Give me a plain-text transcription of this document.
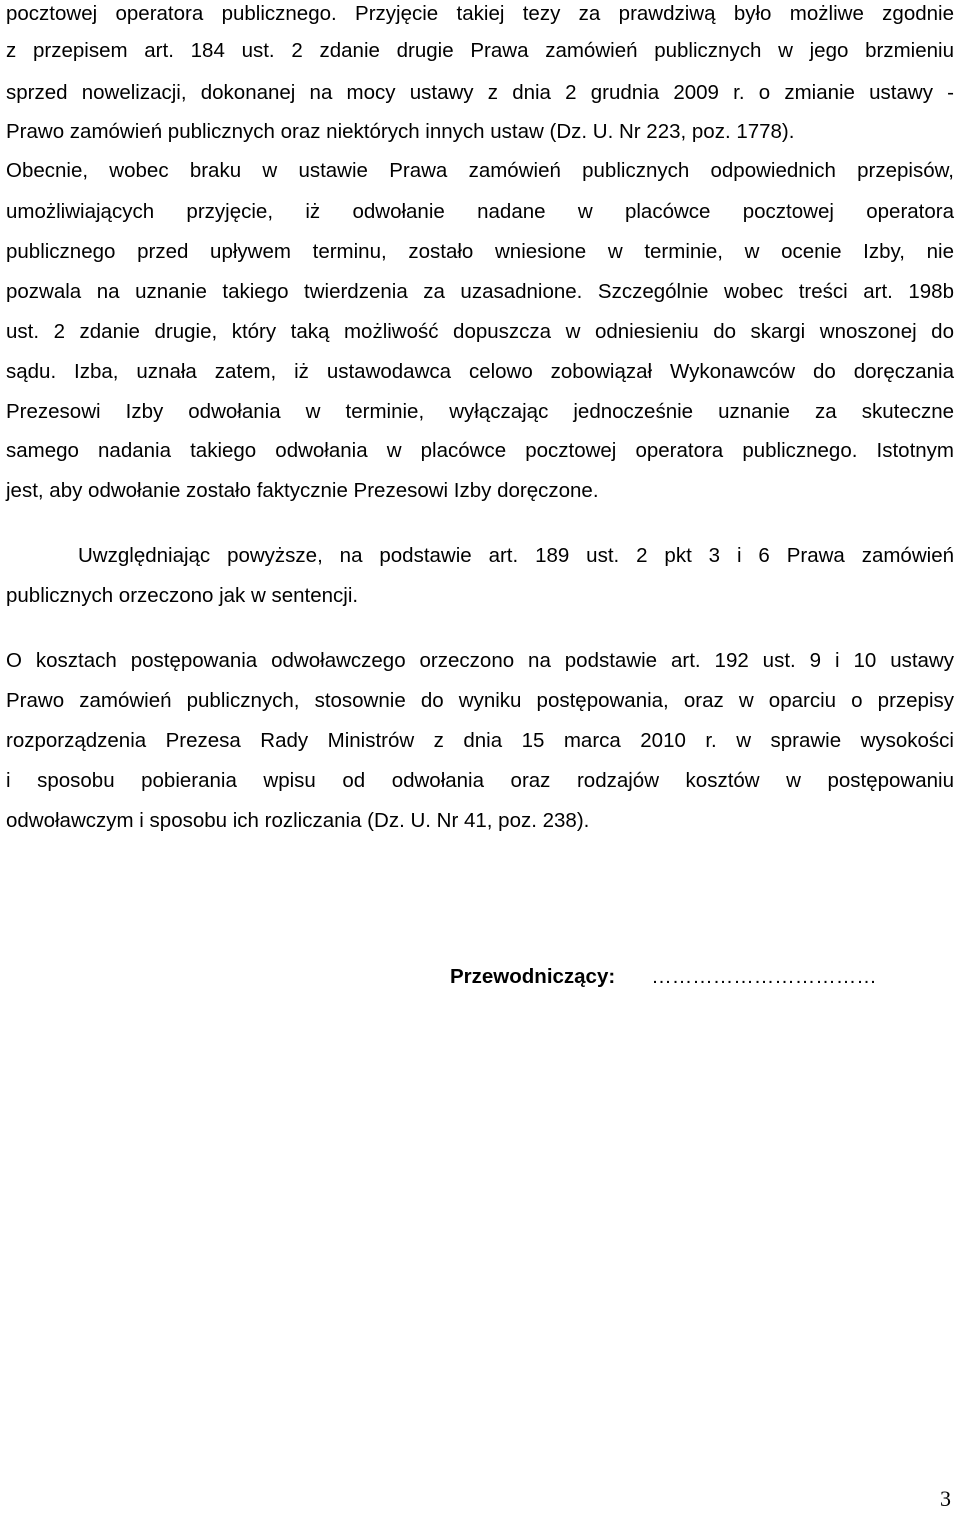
pocztowej operatora publicznego. Przyjęcie takiej tezy za prawdziwą było możliwe zgodnie
z przepisem art. 184 ust. 2 zdanie drugie Prawa zamówień publicznych w jego brzmieniu
sprzed nowelizacji, dokonanej na mocy ustawy z dnia 2 grudnia 2009 r. o zmianie ustawy -
Prawo zamówień publicznych oraz niektórych innych ustaw (Dz. U. Nr 223, poz. 1778).
Obecnie, wobec braku w ustawie Prawa zamówień publicznych odpowiednich przepisów,
umożliwiających przyjęcie, iż odwołanie nadane w placówce pocztowej operatora
publicznego przed upływem terminu, zostało wniesione w terminie, w ocenie Izby, nie
pozwala na uznanie takiego twierdzenia za uzasadnione. Szczególnie wobec treści art. 198b
ust. 2 zdanie drugie, który taką możliwość dopuszcza w odniesieniu do skargi wnoszonej do
sądu. Izba, uznała zatem, iż ustawodawca celowo zobowiązał Wykonawców do doręczania
Prezesowi Izby odwołania w terminie, wyłączając jednocześnie uznanie za skuteczne
samego nadania takiego odwołania w placówce pocztowej operatora publicznego. Istotnym
jest, aby odwołanie zostało faktycznie Prezesowi Izby doręczone.
Uwzględniając powyższe, na podstawie art. 189 ust. 2 pkt 3 i 6 Prawa zamówień
publicznych orzeczono jak w sentencji.
O kosztach postępowania odwoławczego orzeczono na podstawie art. 192 ust. 9 i 10 ustawy
Prawo zamówień publicznych, stosownie do wyniku postępowania, oraz w oparciu o przepisy
rozporządzenia Prezesa Rady Ministrów z dnia 15 marca 2010 r. w sprawie wysokości
i sposobu pobierania wpisu od odwołania oraz rodzajów kosztów w postępowaniu
odwoławczym i sposobu ich rozliczania (Dz. U. Nr 41, poz. 238).
Przewodniczący: ……………………………
3
